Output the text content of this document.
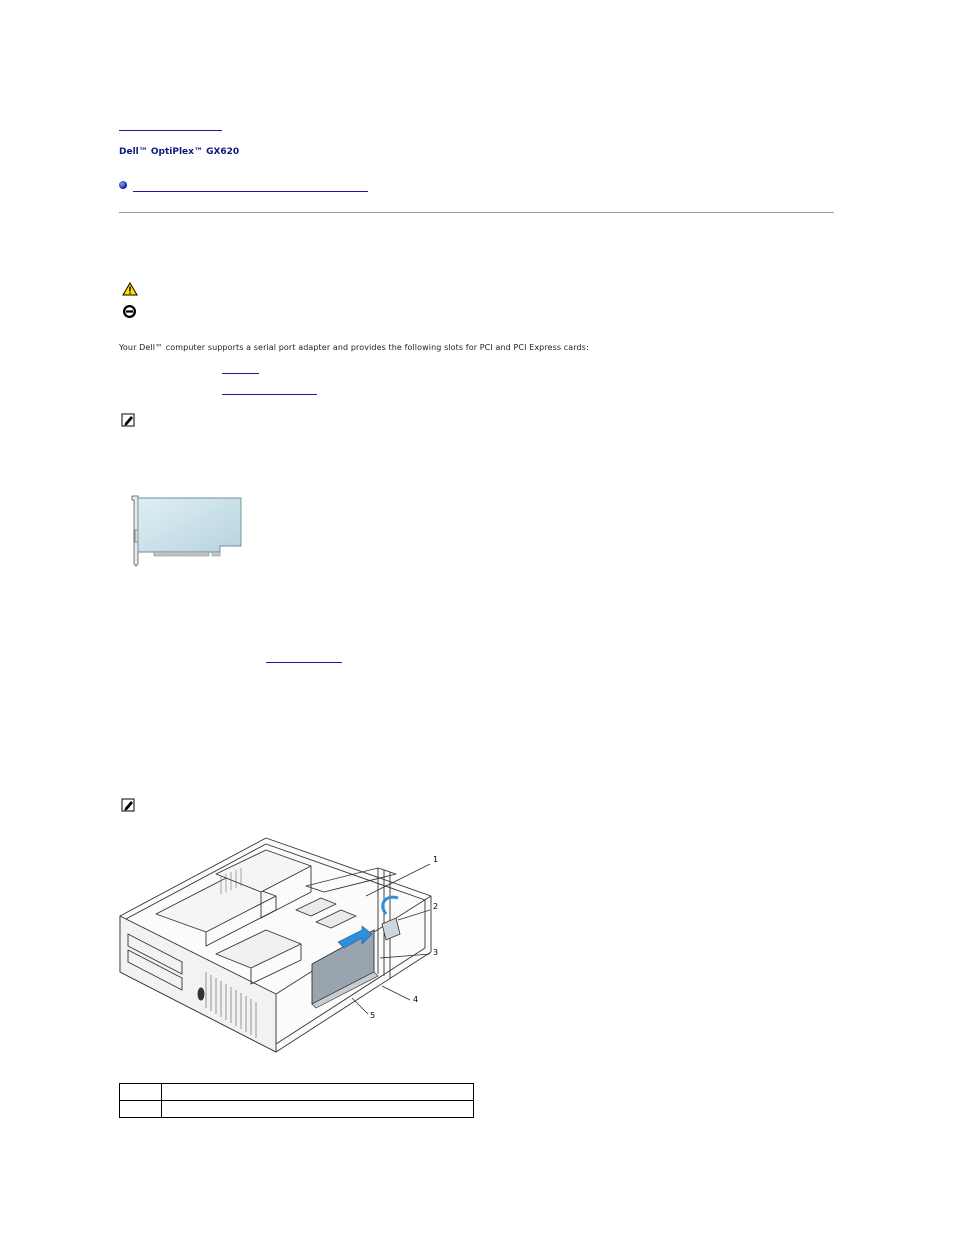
Dell™ OptiPlex™ GX620
Your Dell™ computer supports a serial port adapter and provides the following slots for PCI and PCI Express cards:
1
2
3
4
5
